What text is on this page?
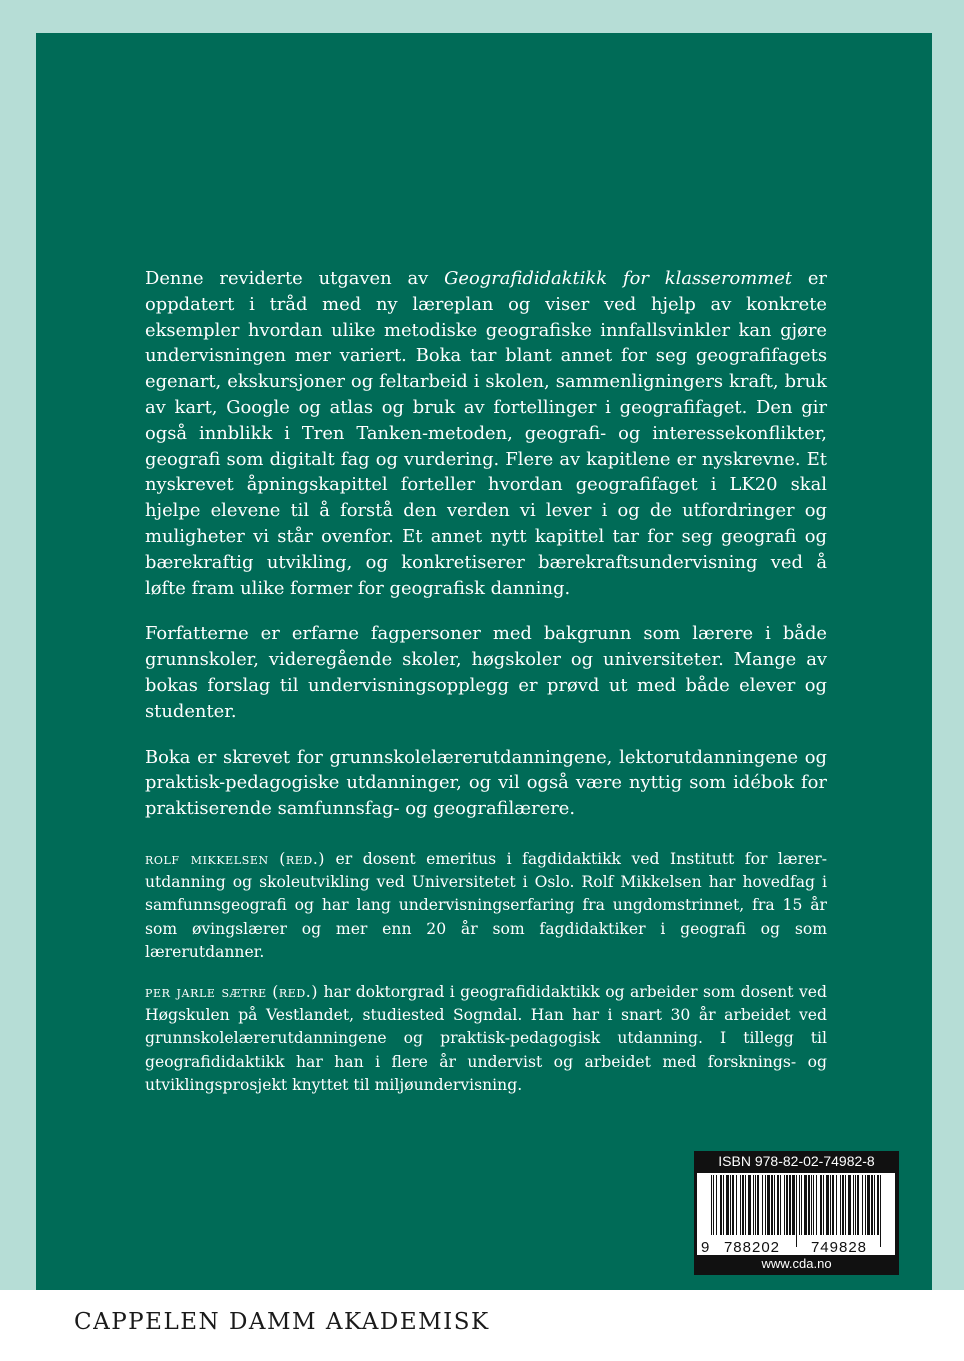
Denne reviderte utgaven av Geografididaktikk for klasserommet er oppdatert i tråd med ny læreplan og viser ved hjelp av konkrete eksempler hvordan ulike metodiske geografiske innfallsvinkler kan gjøre undervisningen mer variert. Boka tar blant annet for seg geografifagets egenart, ekskursjoner og feltarbeid i skolen, sammenligningers kraft, bruk av kart, Google og atlas og bruk av fortellinger i geografifaget. Den gir også innblikk i Tren Tanken-metoden, geografi- og interessekonflikter, geografi som digitalt fag og vurdering. Flere av kapitlene er nyskrevne. Et nyskrevet åpningskapittel forteller hvordan geografifaget i LK20 skal hjelpe elevene til å forstå den verden vi lever i og de utfordringer og muligheter vi står ovenfor. Et annet nytt kapittel tar for seg geografi og bærekraftig utvikling, og konkretiserer bærekraftsundervisning ved å løfte fram ulike former for geografisk danning.

Forfatterne er erfarne fagpersoner med bakgrunn som lærere i både grunnskoler, videregående skoler, høgskoler og universiteter. Mange av bokas forslag til undervisningsopplegg er prøvd ut med både elever og studenter.

Boka er skrevet for grunnskolelærerutdanningene, lektorutdanningene og praktisk-pedagogiske utdanninger, og vil også være nyttig som idébok for praktiserende samfunnsfag- og geografilærere.

rolf mikkelsen (red.) er dosent emeritus i fagdidaktikk ved Institutt for lærerutdanning og skoleutvikling ved Universitetet i Oslo. Rolf Mikkelsen har hovedfag i samfunnsgeografi og har lang undervisningserfaring fra ungdomstrinnet, fra 15 år som øvingslærer og mer enn 20 år som fagdidaktiker i geografi og som lærerutdanner.

per jarle sætre (red.) har doktorgrad i geografididaktikk og arbeider som dosent ved Høgskulen på Vestlandet, studiested Sogndal. Han har i snart 30 år arbeidet ved grunnskolelærerutdanningene og praktisk-pedagogisk utdanning. I tillegg til geografididaktikk har han i flere år undervist og arbeidet med forsknings- og utviklingsprosjekt knyttet til miljøundervisning.

ISBN 978-82-02-74982-8
9 788202 749828
www.cda.no
CAPPELEN DAMM AKADEMISK
